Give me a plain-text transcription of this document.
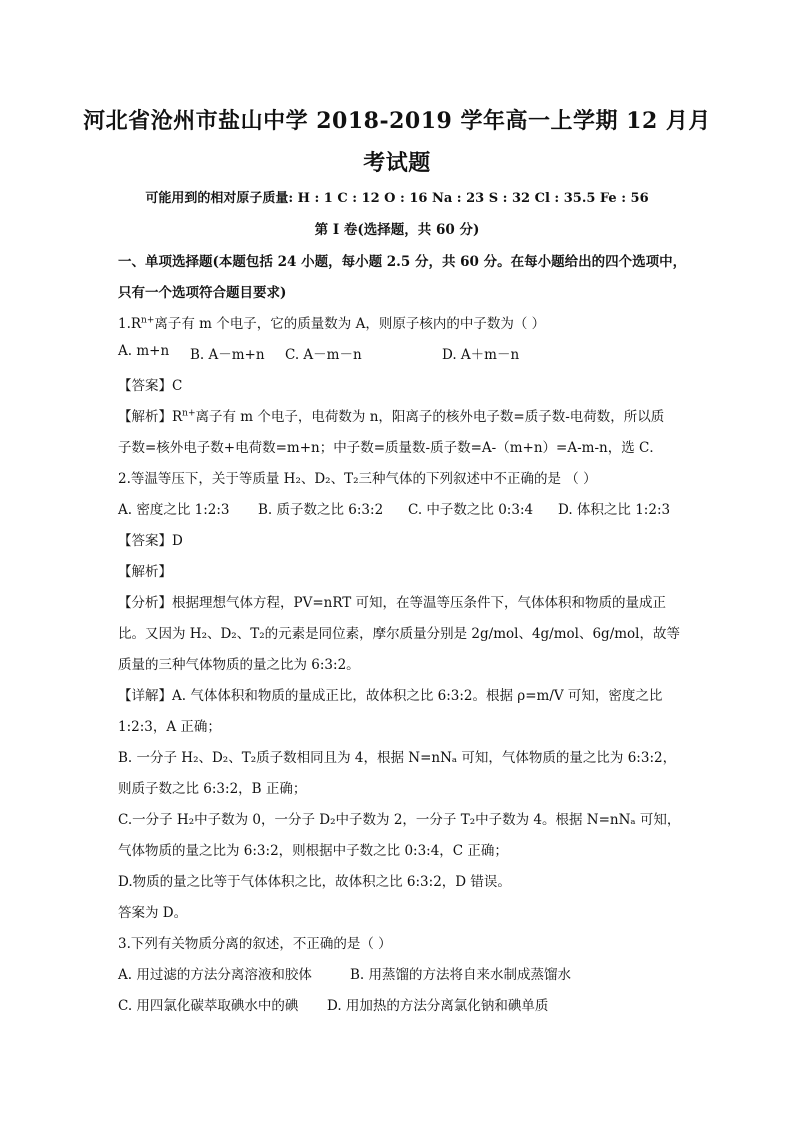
河北省沧州市盐山中学 2018-2019 学年高一上学期 12 月月
考试题
可能用到的相对原子质量: H : 1 C : 12 O : 16 Na : 23 S : 32 Cl : 35.5 Fe : 56
第 I 卷(选择题，共 60 分)
一、单项选择题(本题包括 24 小题，每小题 2.5 分，共 60 分。在每小题给出的四个选项中，
只有一个选项符合题目要求)
$1.R^{n+}$离子有 m 个电子，它的质量数为 A，则原子核内的中子数为（ ）
A. m+n B. A－m+n C. A－m－n	D. A＋m－n
【答案】C
【解析】$R^{n+}$离子有 m 个电子，电荷数为 n，阳离子的核外电子数=质子数-电荷数，所以质
子数=核外电子数+电荷数=m+n；中子数=质量数-质子数=A-（m+n）=A-m-n，选 C．
2.等温等压下，关于等质量 H₂、D₂、T₂三种气体的下列叙述中不正确的是 （ ）
A. 密度之比 1:2:3 B. 质子数之比 6:3:2 C. 中子数之比 0:3:4 D. 体积之比 1:2:3
【答案】D
【解析】
【分析】根据理想气体方程，PV=nRT 可知，在等温等压条件下，气体体积和物质的量成正
比。又因为 H₂、D₂、T₂的元素是同位素，摩尔质量分别是 2g/mol、4g/mol、6g/mol，故等
质量的三种气体物质的量之比为 6:3:2。
【详解】A. 气体体积和物质的量成正比，故体积之比 6:3:2。根据 ρ=m/V 可知，密度之比
1:2:3，A 正确；
B. 一分子 H₂、D₂、T₂质子数相同且为 4，根据 N=nNₐ 可知，气体物质的量之比为 6:3:2，
则质子数之比 6:3:2，B 正确；
C.一分子 H₂中子数为 0，一分子 D₂中子数为 2，一分子 T₂中子数为 4。根据 N=nNₐ 可知，
气体物质的量之比为 6:3:2，则根据中子数之比 0:3:4，C 正确；
D.物质的量之比等于气体体积之比，故体积之比 6:3:2，D 错误。
答案为 D。
3.下列有关物质分离的叙述，不正确的是（ ）
A. 用过滤的方法分离溶液和胶体	B. 用蒸馏的方法将自来水制成蒸馏水
C. 用四氯化碳萃取碘水中的碘 D. 用加热的方法分离氯化钠和碘单质
